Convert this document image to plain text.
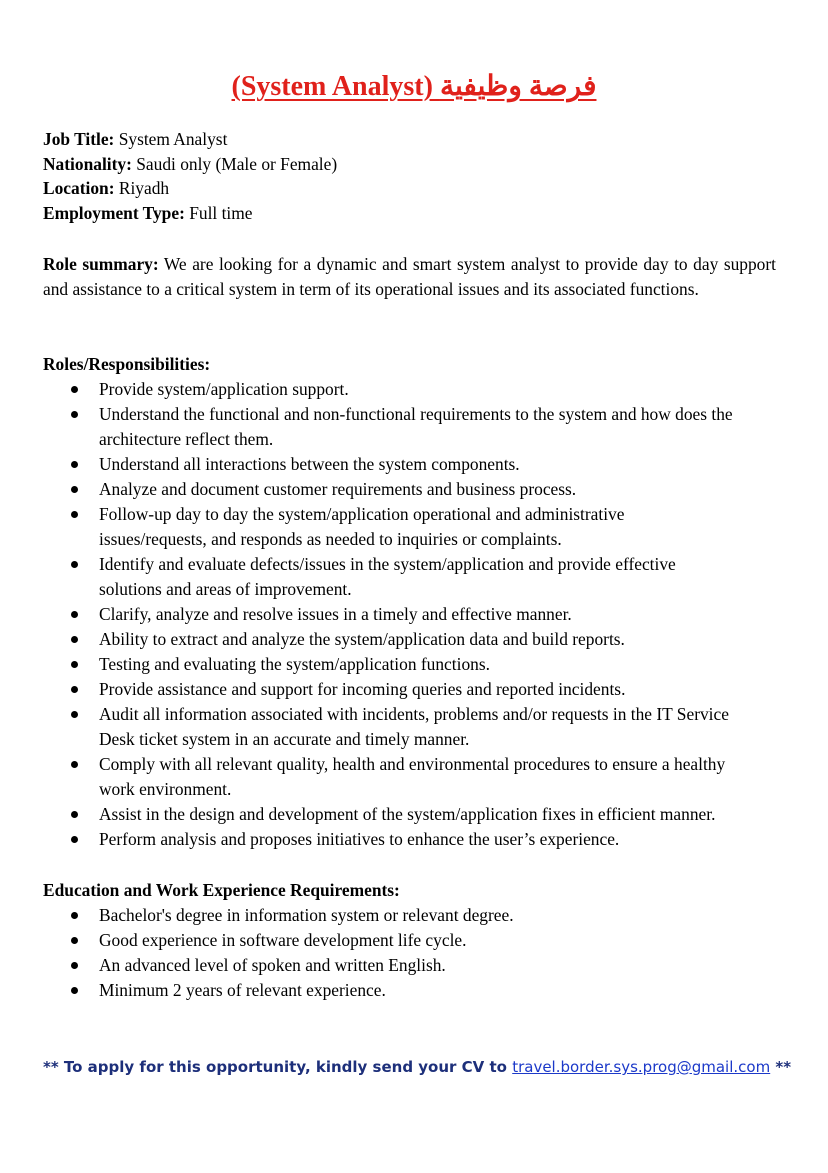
(System Analyst) فرصة وظيفية
Job Title: System Analyst
Nationality: Saudi only (Male or Female)
Location: Riyadh
Employment Type: Full time
Role summary: We are looking for a dynamic and smart system analyst to provide day to day support and assistance to a critical system in term of its operational issues and its associated functions.
Roles/Responsibilities:
Provide system/application support.
Understand the functional and non-functional requirements to the system and how does the architecture reflect them.
Understand all interactions between the system components.
Analyze and document customer requirements and business process.
Follow-up day to day the system/application operational and administrative issues/requests, and responds as needed to inquiries or complaints.
Identify and evaluate defects/issues in the system/application and provide effective solutions and areas of improvement.
Clarify, analyze and resolve issues in a timely and effective manner.
Ability to extract and analyze the system/application data and build reports.
Testing and evaluating the system/application functions.
Provide assistance and support for incoming queries and reported incidents.
Audit all information associated with incidents, problems and/or requests in the IT Service Desk ticket system in an accurate and timely manner.
Comply with all relevant quality, health and environmental procedures to ensure a healthy work environment.
Assist in the design and development of the system/application fixes in efficient manner.
Perform analysis and proposes initiatives to enhance the user’s experience.
Education and Work Experience Requirements:
Bachelor's degree in information system or relevant degree.
Good experience in software development life cycle.
An advanced level of spoken and written English.
Minimum 2 years of relevant experience.
** To apply for this opportunity, kindly send your CV to travel.border.sys.prog@gmail.com **
